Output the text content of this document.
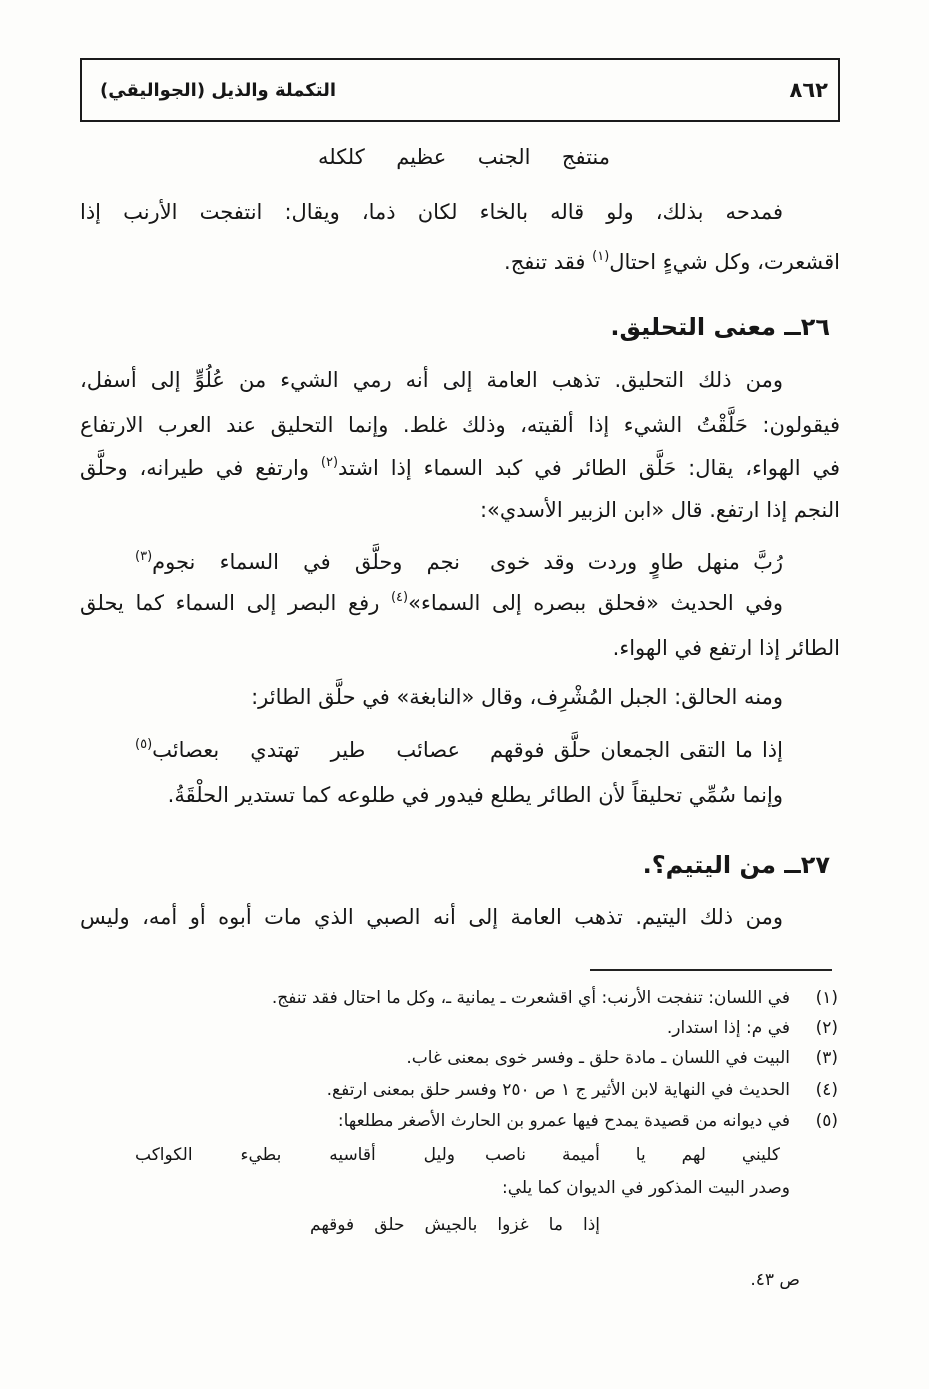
٨٦٢
التكملة والذيل (الجواليقي)
منتفج الجنب عظيم كلكله
فمدحه بذلك، ولو قاله بالخاء لكان ذما، ويقال: انتفجت الأرنب إذا
اقشعرت، وكل شيءٍ احتال$^{(١)}$ فقد تنفج.
٢٦ــ معنى التحليق.
ومن ذلك التحليق. تذهب العامة إلى أنه رمي الشيء من عُلُوٍّ إلى أسفل،
فيقولون: حَلَّقْتُ الشيء إذا ألقيته، وذلك غلط. وإنما التحليق عند العرب الارتفاع
في الهواء، يقال: حَلَّق الطائر في كبد السماء إذا اشتد$^{(٢)}$ وارتفع في طيرانه، وحلَّق
النجم إذا ارتفع. قال «ابن الزبير الأسدي»:
رُبَّ منهل طاوٍ وردت وقد خوى
نجم وحلَّق في السماء نجوم$^{(٣)}$
وفي الحديث «فحلق ببصره إلى السماء»$^{(٤)}$ رفع البصر إلى السماء كما يحلق
الطائر إذا ارتفع في الهواء.
ومنه الحالق: الجبل المُشْرِف، وقال «النابغة» في حلَّق الطائر:
إذا ما التقى الجمعان حلَّق فوقهم
عصائب طير تهتدي بعصائب$^{(٥)}$
وإنما سُمِّي تحليقاً لأن الطائر يطلع فيدور في طلوعه كما تستدير الحلْقَةُ.
٢٧ــ من اليتيم؟.
ومن ذلك اليتيم. تذهب العامة إلى أنه الصبي الذي مات أبوه أو أمه، وليس
(١)
في اللسان: تنفجت الأرنب: أي اقشعرت ـ يمانية ـ، وكل ما احتال فقد تنفج.
(٢)
في م: إذا استدار.
(٣)
البيت في اللسان ـ مادة حلق ـ وفسر خوى بمعنى غاب.
(٤)
الحديث في النهاية لابن الأثير ج ١ ص ٢٥٠ وفسر حلق بمعنى ارتفع.
(٥)
في ديوانه من قصيدة يمدح فيها عمرو بن الحارث الأصغر مطلعها:
كليني لهم يا أميمة ناصب
وليل أقاسيه بطيء الكواكب
وصدر البيت المذكور في الديوان كما يلي:
إذا ما غزوا بالجيش حلق فوقهم
ص ٤٣.
